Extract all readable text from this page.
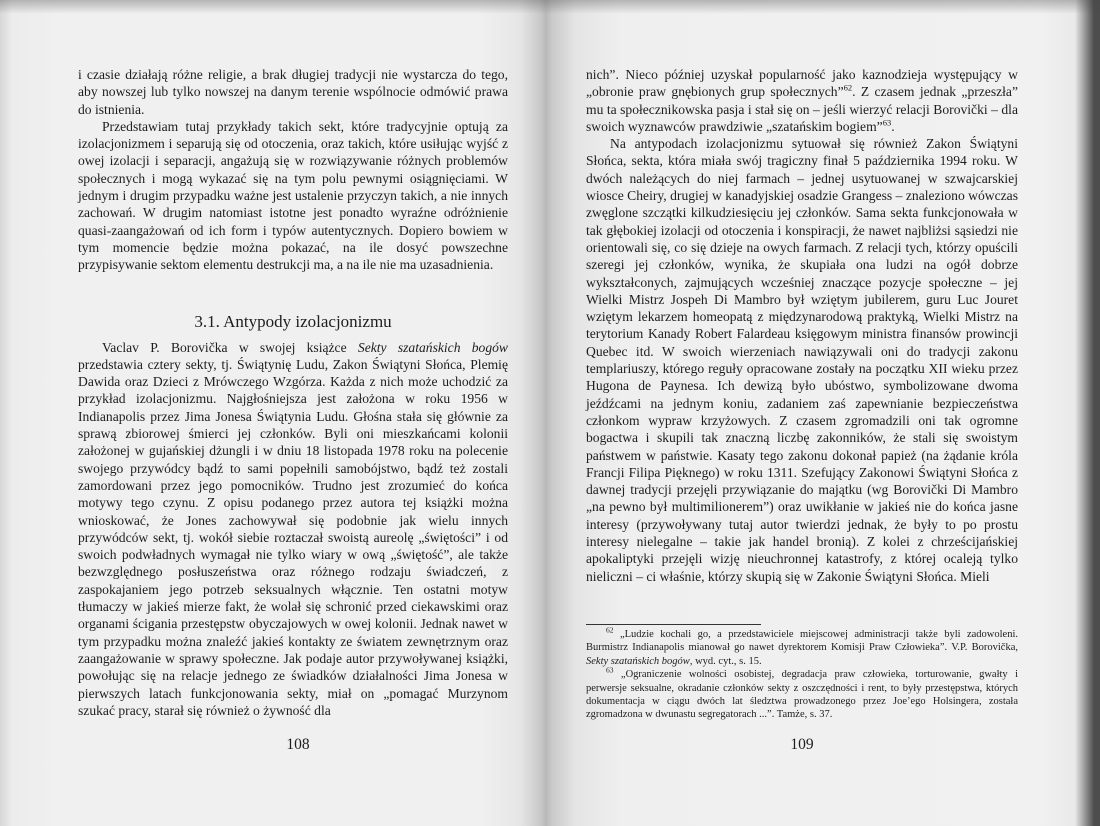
i czasie działają różne religie, a brak długiej tradycji nie wystarcza do tego, aby nowszej lub tylko nowszej na danym terenie wspólnocie odmówić prawa do istnienia.

Przedstawiam tutaj przykłady takich sekt, które tradycyjnie optują za izolacjonizmem i separują się od otoczenia, oraz takich, które usiłując wyjść z owej izolacji i separacji, angażują się w rozwiązywanie różnych problemów społecznych i mogą wykazać się na tym polu pewnymi osiągnięciami. W jednym i drugim przypadku ważne jest ustalenie przyczyn takich, a nie innych zachowań. W drugim natomiast istotne jest ponadto wyraźne odróżnienie quasi-zaangażowań od ich form i typów autentycznych. Dopiero bowiem w tym momencie będzie można pokazać, na ile dosyć powszechne przypisywanie sektom elementu destrukcji ma, a na ile nie ma uzasadnienia.

3.1. Antypody izolacjonizmu

Vaclav P. Borovička w swojej książce Sekty szatańskich bogów przedstawia cztery sekty, tj. Świątynię Ludu, Zakon Świątyni Słońca, Plemię Dawida oraz Dzieci z Mrówczego Wzgórza. Każda z nich może uchodzić za przykład izolacjonizmu. Najgłośniejsza jest założona w roku 1956 w Indianapolis przez Jima Jonesa Świątynia Ludu. Głośna stała się głównie za sprawą zbiorowej śmierci jej członków. Byli oni mieszkańcami kolonii założonej w gujańskiej dżungli i w dniu 18 listopada 1978 roku na polecenie swojego przywódcy bądź to sami popełnili samobójstwo, bądź też zostali zamordowani przez jego pomocników. Trudno jest zrozumieć do końca motywy tego czynu. Z opisu podanego przez autora tej książki można wnioskować, że Jones zachowywał się podobnie jak wielu innych przywódców sekt, tj. wokół siebie roztaczał swoistą aureolę „świętości” i od swoich podwładnych wymagał nie tylko wiary w ową „świętość”, ale także bezwzględnego posłuszeństwa oraz różnego rodzaju świadczeń, z zaspokajaniem jego potrzeb seksualnych włącznie. Ten ostatni motyw tłumaczy w jakieś mierze fakt, że wolał się schronić przed ciekawskimi oraz organami ścigania przestępstw obyczajowych w owej kolonii. Jednak nawet w tym przypadku można znaleźć jakieś kontakty ze światem zewnętrznym oraz zaangażowanie w sprawy społeczne. Jak podaje autor przywoływanej książki, powołując się na relacje jednego ze świadków działalności Jima Jonesa w pierwszych latach funkcjonowania sekty, miał on „pomagać Murzynom szukać pracy, starał się również o żywność dla

108

nich”. Nieco później uzyskał popularność jako kaznodzieja występujący w „obronie praw gnębionych grup społecznych”$^{62}$. Z czasem jednak „przeszła” mu ta społecznikowska pasja i stał się on – jeśli wierzyć relacji Borovički – dla swoich wyznawców prawdziwie „szatańskim bogiem”$^{63}$.

Na antypodach izolacjonizmu sytuował się również Zakon Świątyni Słońca, sekta, która miała swój tragiczny finał 5 października 1994 roku. W dwóch należących do niej farmach – jednej usytuowanej w szwajcarskiej wiosce Cheiry, drugiej w kanadyjskiej osadzie Grangess – znaleziono wówczas zwęglone szczątki kilkudziesięciu jej członków. Sama sekta funkcjonowała w tak głębokiej izolacji od otoczenia i konspiracji, że nawet najbliżsi sąsiedzi nie orientowali się, co się dzieje na owych farmach. Z relacji tych, którzy opuścili szeregi jej członków, wynika, że skupiała ona ludzi na ogół dobrze wykształconych, zajmujących wcześniej znaczące pozycje społeczne – jej Wielki Mistrz Jospeh Di Mambro był wziętym jubilerem, guru Luc Jouret wziętym lekarzem homeopatą z międzynarodową praktyką, Wielki Mistrz na terytorium Kanady Robert Falardeau księgowym ministra finansów prowincji Quebec itd. W swoich wierzeniach nawiązywali oni do tradycji zakonu templariuszy, którego reguły opracowane zostały na początku XII wieku przez Hugona de Paynesa. Ich dewizą było ubóstwo, symbolizowane dwoma jeźdźcami na jednym koniu, zadaniem zaś zapewnianie bezpieczeństwa członkom wypraw krzyżowych. Z czasem zgromadzili oni tak ogromne bogactwa i skupili tak znaczną liczbę zakonników, że stali się swoistym państwem w państwie. Kasaty tego zakonu dokonał papież (na żądanie króla Francji Filipa Pięknego) w roku 1311. Szefujący Zakonowi Świątyni Słońca z dawnej tradycji przejęli przywiązanie do majątku (wg Borovički Di Mambro „na pewno był multimilionerem”) oraz uwikłanie w jakieś nie do końca jasne interesy (przywoływany tutaj autor twierdzi jednak, że były to po prostu interesy nielegalne – takie jak handel bronią). Z kolei z chrześcijańskiej apokaliptyki przejęli wizję nieuchronnej katastrofy, z której ocaleją tylko nieliczni – ci właśnie, którzy skupią się w Zakonie Świątyni Słońca. Mieli

$^{62}$ „Ludzie kochali go, a przedstawiciele miejscowej administracji także byli zadowoleni. Burmistrz Indianapolis mianował go nawet dyrektorem Komisji Praw Człowieka”. V.P. Borovička, Sekty szatańskich bogów, wyd. cyt., s. 15.

$^{63}$ „Ograniczenie wolności osobistej, degradacja praw człowieka, torturowanie, gwałty i perwersje seksualne, okradanie członków sekty z oszczędności i rent, to były przestępstwa, których dokumentacja w ciągu dwóch lat śledztwa prowadzonego przez Joe’ego Holsingera, została zgromadzona w dwunastu segregatorach ...”. Tamże, s. 37.

109
